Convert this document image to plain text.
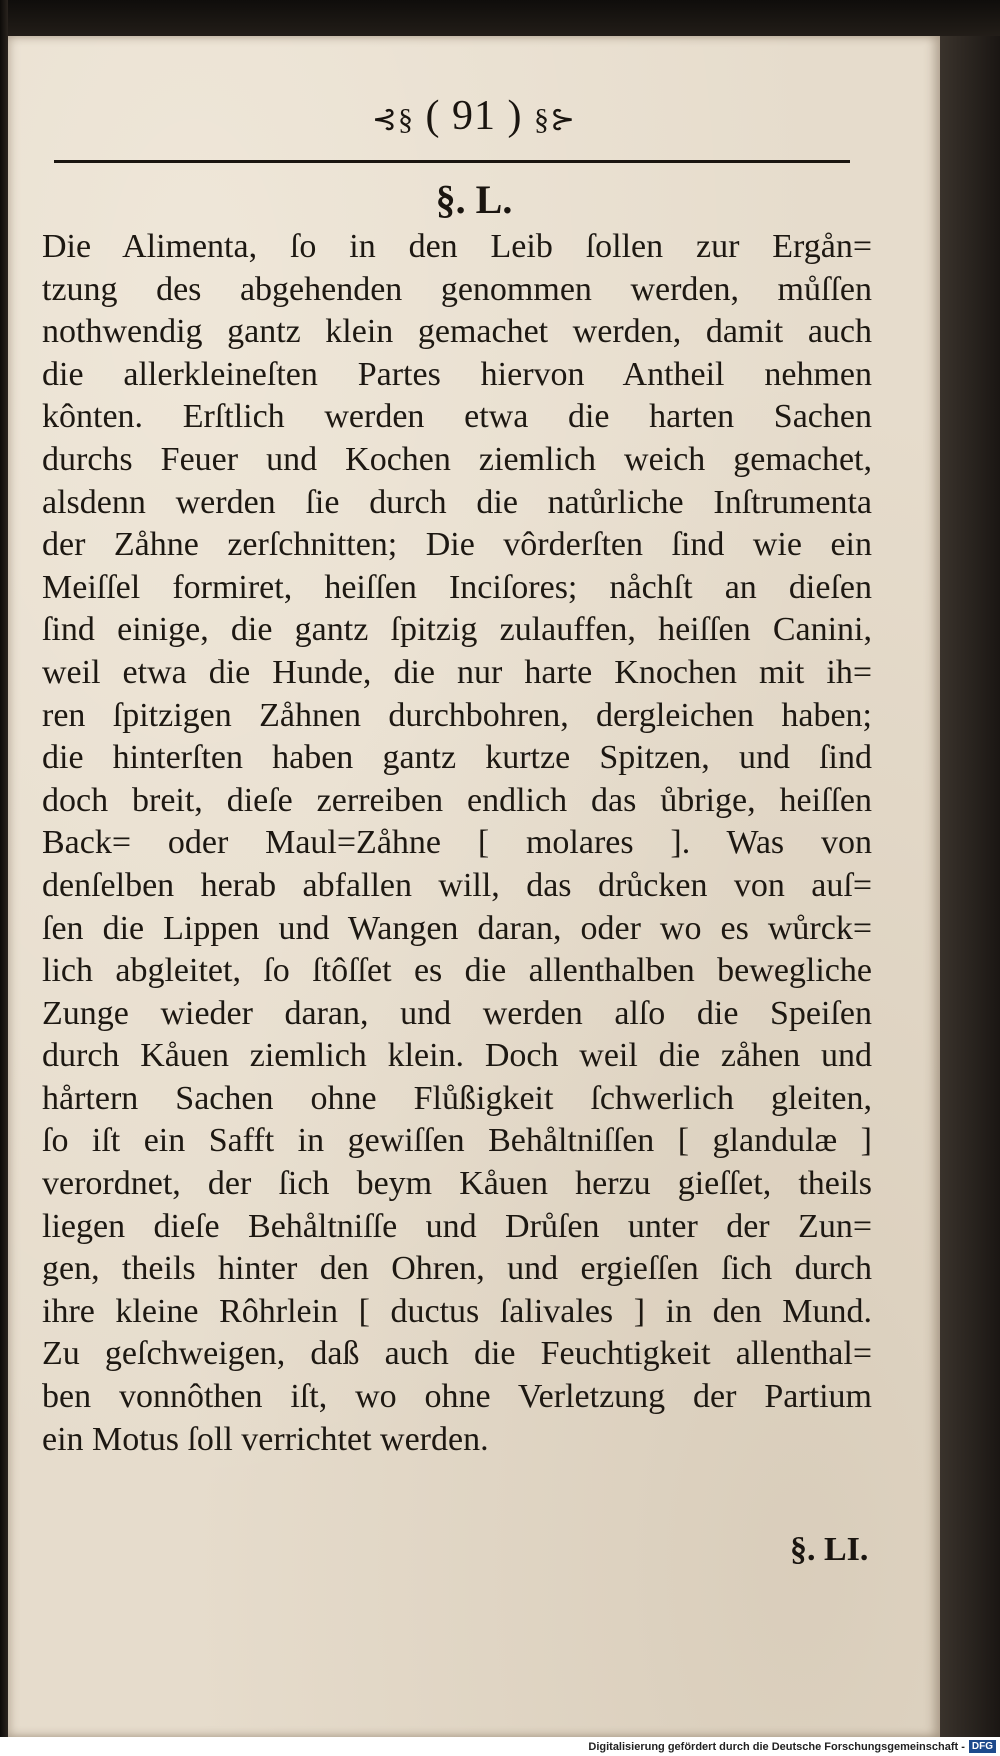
⊰§ ( 91 ) §⊱
§. L.
Die Alimenta, ſo in den Leib ſollen zur Ergån=
tzung des abgehenden genommen werden, můſſen
nothwendig gantz klein gemachet werden, damit auch
die allerkleineſten Partes hiervon Antheil nehmen
kônten. Erſtlich werden etwa die harten Sachen
durchs Feuer und Kochen ziemlich weich gemachet,
alsdenn werden ſie durch die natůrliche Inſtrumenta
der Zåhne zerſchnitten; Die vôrderſten ſind wie ein
Meiſſel formiret, heiſſen Inciſores; nåchſt an dieſen
ſind einige, die gantz ſpitzig zulauffen, heiſſen Canini,
weil etwa die Hunde, die nur harte Knochen mit ih=
ren ſpitzigen Zåhnen durchbohren, dergleichen haben;
die hinterſten haben gantz kurtze Spitzen, und ſind
doch breit, dieſe zerreiben endlich das ůbrige, heiſſen
Back= oder Maul=Zåhne [ molares ]. Was von
denſelben herab abfallen will, das drůcken von auſ=
ſen die Lippen und Wangen daran, oder wo es wůrck=
lich abgleitet, ſo ſtôſſet es die allenthalben bewegliche
Zunge wieder daran, und werden alſo die Speiſen
durch Kåuen ziemlich klein. Doch weil die zåhen und
hårtern Sachen ohne Flůßigkeit ſchwerlich gleiten,
ſo iſt ein Safft in gewiſſen Behåltniſſen [ glandulæ ]
verordnet, der ſich beym Kåuen herzu gieſſet, theils
liegen dieſe Behåltniſſe und Drůſen unter der Zun=
gen, theils hinter den Ohren, und ergieſſen ſich durch
ihre kleine Rôhrlein [ ductus ſalivales ] in den Mund.
Zu geſchweigen, daß auch die Feuchtigkeit allenthal=
ben vonnôthen iſt, wo ohne Verletzung der Partium
ein Motus ſoll verrichtet werden.
§. LI.
Digitalisierung gefördert durch die Deutsche Forschungsgemeinschaft - DFG
